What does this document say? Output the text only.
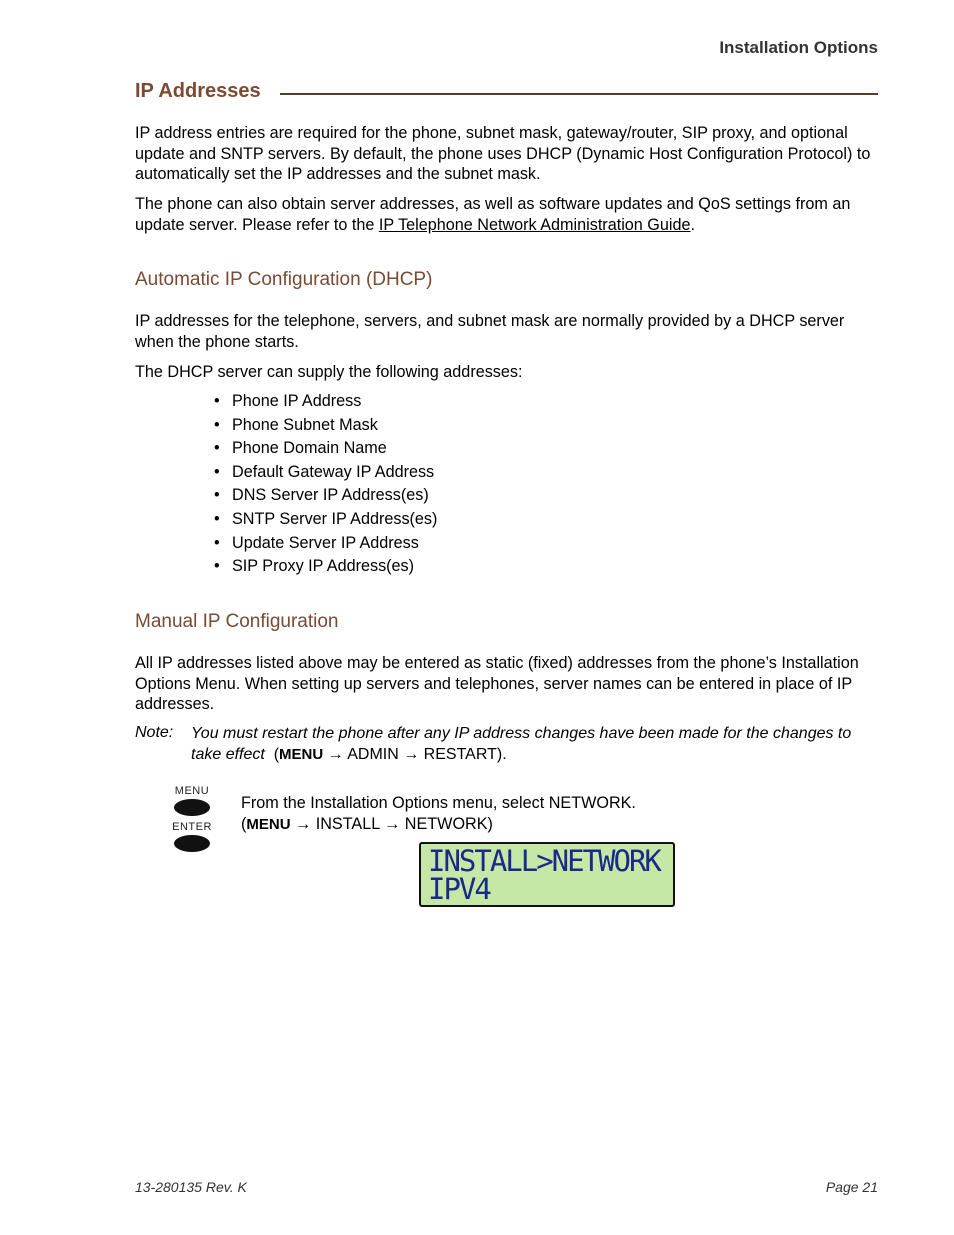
Installation Options
IP Addresses
IP address entries are required for the phone, subnet mask, gateway/router, SIP proxy, and optional update and SNTP servers. By default, the phone uses DHCP (Dynamic Host Configuration Protocol) to automatically set the IP addresses and the subnet mask.
The phone can also obtain server addresses, as well as software updates and QoS settings from an update server. Please refer to the IP Telephone Network Administration Guide.
Automatic IP Configuration (DHCP)
IP addresses for the telephone, servers, and subnet mask are normally provided by a DHCP server when the phone starts.
The DHCP server can supply the following addresses:
• Phone IP Address
• Phone Subnet Mask
• Phone Domain Name
• Default Gateway IP Address
• DNS Server IP Address(es)
• SNTP Server IP Address(es)
• Update Server IP Address
• SIP Proxy IP Address(es)
Manual IP Configuration
All IP addresses listed above may be entered as static (fixed) addresses from the phone’s Installation Options Menu. When setting up servers and telephones, server names can be entered in place of IP addresses.
Note: You must restart the phone after any IP address changes have been made for the changes to take effect (MENU → ADMIN → RESTART).
MENU
ENTER
From the Installation Options menu, select NETWORK.
(MENU → INSTALL → NETWORK)
INSTALL>NETWORK
IPV4
13-280135 Rev. K	Page 21
